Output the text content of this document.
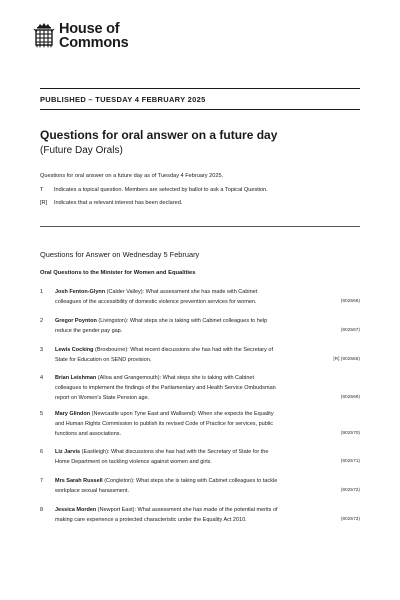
House of
Commons
PUBLISHED – TUESDAY 4 FEBRUARY 2025
Questions for oral answer on a future day
(Future Day Orals)
Questions for oral answer on a future day as of Tuesday 4 February 2025.
T	Indicates a topical question. Members are selected by ballot to ask a Topical Question.
[R]	Indicates that a relevant interest has been declared.
Questions for Answer on Wednesday 5 February
Oral Questions to the Minister for Women and Equalities
1 Josh Fenton-Glynn (Calder Valley): What assessment she has made with Cabinet
colleagues of the accessibility of domestic violence prevention services for women.	(902566)
2 Gregor Poynton (Livingston): What steps she is taking with Cabinet colleagues to help
reduce the gender pay gap.	(902567)
3 Lewis Cocking (Broxbourne): What recent discussions she has had with the Secretary of
State for Education on SEND provision.	[R] (902568)
4 Brian Leishman (Alloa and Grangemouth): What steps she is taking with Cabinet
colleagues to implement the findings of the Parliamentary and Health Service Ombudsman
report on Women's State Pension age.	(902569)
5 Mary Glindon (Newcastle upon Tyne East and Wallsend): When she expects the Equality
and Human Rights Commission to publish its revised Code of Practice for services, public
functions and associations.	(902570)
6 Liz Jarvis (Eastleigh): What discussions she has had with the Secretary of State for the
Home Department on tackling violence against women and girls.	(902571)
7 Mrs Sarah Russell (Congleton): What steps she is taking with Cabinet colleagues to tackle
workplace sexual harassment.	(902572)
8 Jessica Morden (Newport East): What assessment she has made of the potential merits of
making care experience a protected characteristic under the Equality Act 2010.	(902573)
